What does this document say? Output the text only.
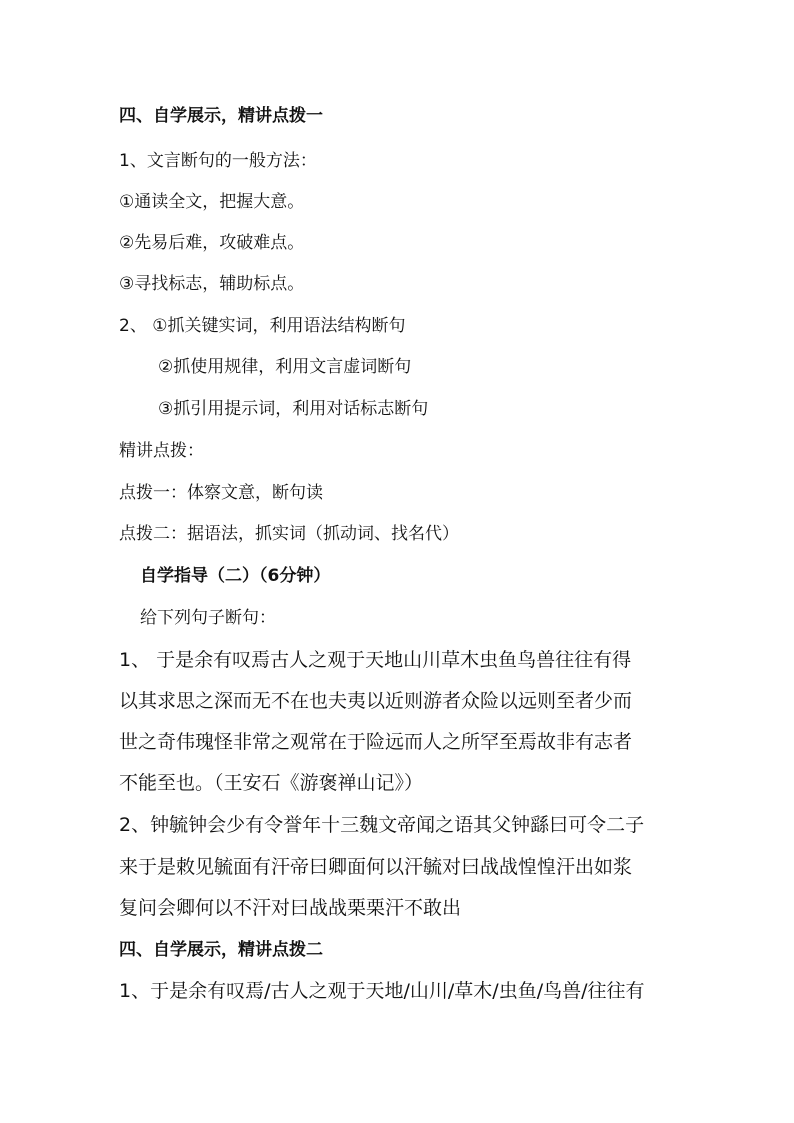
四、自学展示，精讲点拨一
1、文言断句的一般方法：
①通读全文，把握大意。
②先易后难，攻破难点。
③寻找标志，辅助标点。
2、 ①抓关键实词，利用语法结构断句
②抓使用规律，利用文言虚词断句
③抓引用提示词，利用对话标志断句
精讲点拨：
点拨一：体察文意，断句读
点拨二：据语法，抓实词（抓动词、找名代）
自学指导（二）（6分钟）
给下列句子断句：
1、 于是余有叹焉古人之观于天地山川草木虫鱼鸟兽往往有得
以其求思之深而无不在也夫夷以近则游者众险以远则至者少而
世之奇伟瑰怪非常之观常在于险远而人之所罕至焉故非有志者
不能至也。（王安石《游褒禅山记》）
2、钟毓钟会少有令誉年十三魏文帝闻之语其父钟繇曰可令二子
来于是敕见毓面有汗帝曰卿面何以汗毓对曰战战惶惶汗出如浆
复问会卿何以不汗对曰战战栗栗汗不敢出
四、自学展示，精讲点拨二
1、于是余有叹焉/古人之观于天地/山川/草木/虫鱼/鸟兽/往往有
